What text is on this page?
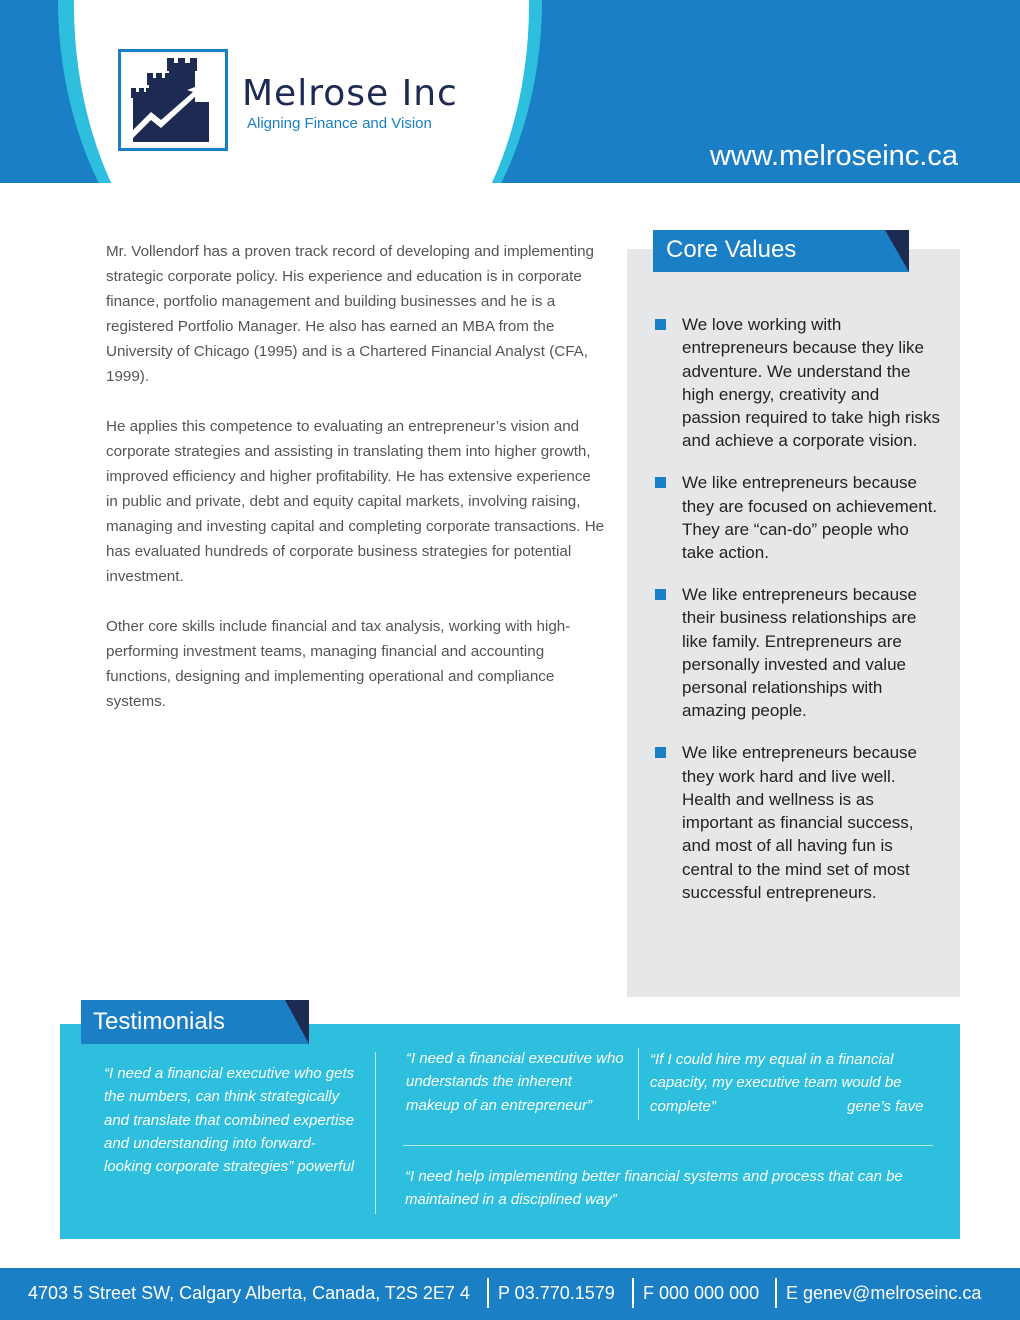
Melrose Inc
Aligning Finance and Vision
www.melroseinc.ca

Mr. Vollendorf has a proven track record of developing and implementing strategic corporate policy. His experience and education is in corporate finance, portfolio management and building businesses and he is a registered Portfolio Manager. He also has earned an MBA from the University of Chicago (1995) and is a Chartered Financial Analyst (CFA, 1999).

He applies this competence to evaluating an entrepreneur’s vision and corporate strategies and assisting in translating them into higher growth, improved efficiency and higher profitability. He has extensive experience in public and private, debt and equity capital markets, involving raising, managing and investing capital and completing corporate transactions. He has evaluated hundreds of corporate business strategies for potential investment.

Other core skills include financial and tax analysis, working with high-performing investment teams, managing financial and accounting functions, designing and implementing operational and compliance systems.

Core Values
We love working with entrepreneurs because they like adventure. We understand the high energy, creativity and passion required to take high risks and achieve a corporate vision.
We like entrepreneurs because they are focused on achievement. They are “can-do” people who take action.
We like entrepreneurs because their business relationships are like family. Entrepreneurs are personally invested and value personal relationships with amazing people.
We like entrepreneurs because they work hard and live well. Health and wellness is as important as financial success, and most of all having fun is central to the mind set of most successful entrepreneurs.
Testimonials
“I need a financial executive who gets the numbers, can think strategically and translate that combined expertise and understanding into forward-looking corporate strategies” powerful
“I need a financial executive who understands the inherent makeup of an entrepreneur”
“If I could hire my equal in a financial capacity, my executive team would be complete”	gene’s fave
“I need help implementing better financial systems and process that can be maintained in a disciplined way”
4703 5 Street SW, Calgary Alberta, Canada, T2S 2E7 4 P 03.770.1579 F 000 000 000 E genev@melroseinc.ca
